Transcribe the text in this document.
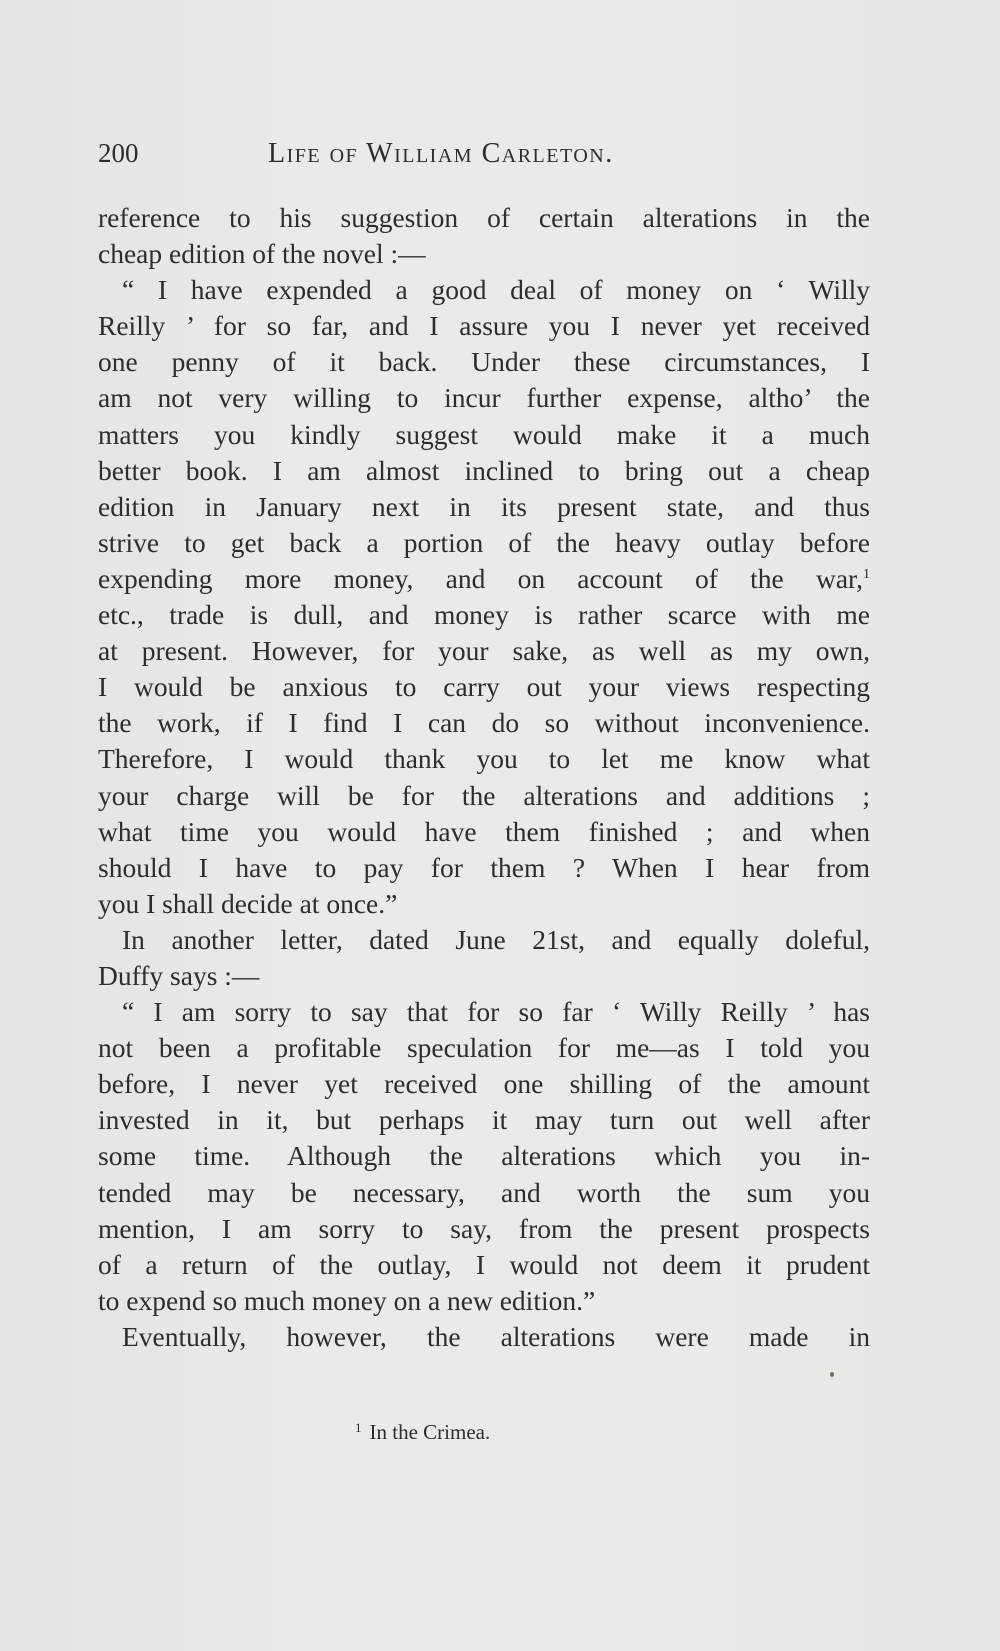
200	Life of William Carleton.
reference to his suggestion of certain alterations in the
cheap edition of the novel :—
“ I have expended a good deal of money on ‘ Willy
Reilly ’ for so far, and I assure you I never yet received
one penny of it back. Under these circumstances, I
am not very willing to incur further expense, altho’ the
matters you kindly suggest would make it a much
better book. I am almost inclined to bring out a cheap
edition in January next in its present state, and thus
strive to get back a portion of the heavy outlay before
expending more money, and on account of the war,$^1$
etc., trade is dull, and money is rather scarce with me
at present. However, for your sake, as well as my own,
I would be anxious to carry out your views respecting
the work, if I find I can do so without inconvenience.
Therefore, I would thank you to let me know what
your charge will be for the alterations and additions ;
what time you would have them finished ; and when
should I have to pay for them ? When I hear from
you I shall decide at once.”
In another letter, dated June 21st, and equally doleful,
Duffy says :—
“ I am sorry to say that for so far ‘ Willy Reilly ’ has
not been a profitable speculation for me—as I told you
before, I never yet received one shilling of the amount
invested in it, but perhaps it may turn out well after
some time. Although the alterations which you in-
tended may be necessary, and worth the sum you
mention, I am sorry to say, from the present prospects
of a return of the outlay, I would not deem it prudent
to expend so much money on a new edition.”
Eventually, however, the alterations were made in
$^1$ In the Crimea.
